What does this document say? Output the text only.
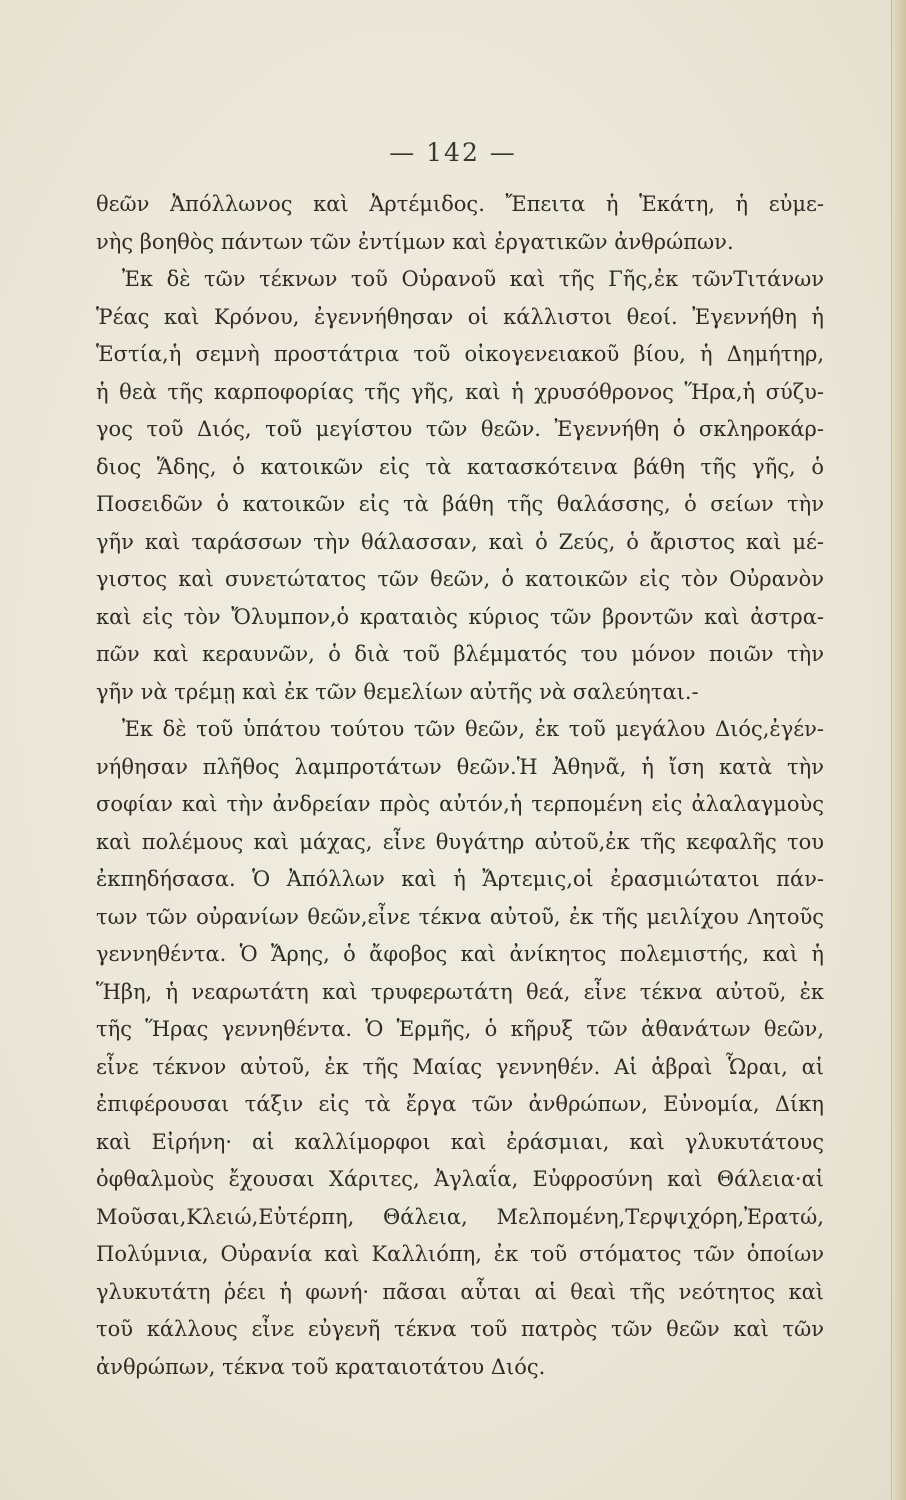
— 142 —
θεῶν Ἀπόλλωνος καὶ Ἀρτέμιδος. Ἔπειτα ἡ Ἑκάτη, ἡ εὐμε-
νὴς βοηθὸς πάντων τῶν ἐντίμων καὶ ἐργατικῶν ἀνθρώπων.
Ἐκ δὲ τῶν τέκνων τοῦ Οὐρανοῦ καὶ τῆς Γῆς,ἐκ τῶνΤιτάνων
Ῥέας καὶ Κρόνου, ἐγεννήθησαν οἱ κάλλιστοι θεοί. Ἐγεννήθη ἡ
Ἑστία,ἡ σεμνὴ προστάτρια τοῦ οἰκογενειακοῦ βίου, ἡ Δημήτηρ,
ἡ θεὰ τῆς καρποφορίας τῆς γῆς, καὶ ἡ χρυσόθρονος Ἥρα,ἡ σύζυ-
γος τοῦ Διός, τοῦ μεγίστου τῶν θεῶν. Ἐγεννήθη ὁ σκληροκάρ-
διος Ἅδης, ὁ κατοικῶν εἰς τὰ κατασκότεινα βάθη τῆς γῆς, ὁ
Ποσειδῶν ὁ κατοικῶν εἰς τὰ βάθη τῆς θαλάσσης, ὁ σείων τὴν
γῆν καὶ ταράσσων τὴν θάλασσαν, καὶ ὁ Ζεύς, ὁ ἄριστος καὶ μέ-
γιστος καὶ συνετώτατος τῶν θεῶν, ὁ κατοικῶν εἰς τὸν Οὐρανὸν
καὶ εἰς τὸν Ὄλυμπον,ὁ κραταιὸς κύριος τῶν βροντῶν καὶ ἀστρα-
πῶν καὶ κεραυνῶν, ὁ διὰ τοῦ βλέμματός του μόνον ποιῶν τὴν
γῆν νὰ τρέμῃ καὶ ἐκ τῶν θεμελίων αὐτῆς νὰ σαλεύηται.-
Ἐκ δὲ τοῦ ὑπάτου τούτου τῶν θεῶν, ἐκ τοῦ μεγάλου Διός,ἐγέν-
νήθησαν πλῆθος λαμπροτάτων θεῶν.Ἡ Ἀθηνᾶ, ἡ ἴση κατὰ τὴν
σοφίαν καὶ τὴν ἀνδρείαν πρὸς αὐτόν,ἡ τερπομένη εἰς ἀλαλαγμοὺς
καὶ πολέμους καὶ μάχας, εἶνε θυγάτηρ αὐτοῦ,ἐκ τῆς κεφαλῆς του
ἐκπηδήσασα. Ὁ Ἀπόλλων καὶ ἡ Ἄρτεμις,οἱ ἐρασμιώτατοι πάν-
των τῶν οὐρανίων θεῶν,εἶνε τέκνα αὐτοῦ, ἐκ τῆς μειλίχου Λητοῦς
γεννηθέντα. Ὁ Ἄρης, ὁ ἄφοβος καὶ ἀνίκητος πολεμιστής, καὶ ἡ
Ἥβη, ἡ νεαρωτάτη καὶ τρυφερωτάτη θεά, εἶνε τέκνα αὐτοῦ, ἐκ
τῆς Ἥρας γεννηθέντα. Ὁ Ἑρμῆς, ὁ κῆρυξ τῶν ἀθανάτων θεῶν,
εἶνε τέκνον αὐτοῦ, ἐκ τῆς Μαίας γεννηθέν. Αἱ ἁβραὶ Ὧραι, αἱ
ἐπιφέρουσαι τάξιν εἰς τὰ ἔργα τῶν ἀνθρώπων, Εὐνομία, Δίκη
καὶ Εἰρήνη· αἱ καλλίμορφοι καὶ ἐράσμιαι, καὶ γλυκυτάτους
ὀφθαλμοὺς ἔχουσαι Χάριτες, Ἀγλαΐα, Εὐφροσύνη καὶ Θάλεια·αἱ
Μοῦσαι,Κλειώ,Εὐτέρπη, Θάλεια, Μελπομένη,Τερψιχόρη,Ἐρατώ,
Πολύμνια, Οὐρανία καὶ Καλλιόπη, ἐκ τοῦ στόματος τῶν ὁποίων
γλυκυτάτη ῥέει ἡ φωνή· πᾶσαι αὗται αἱ θεαὶ τῆς νεότητος καὶ
τοῦ κάλλους εἶνε εὐγενῆ τέκνα τοῦ πατρὸς τῶν θεῶν καὶ τῶν
ἀνθρώπων, τέκνα τοῦ κραταιοτάτου Διός.
